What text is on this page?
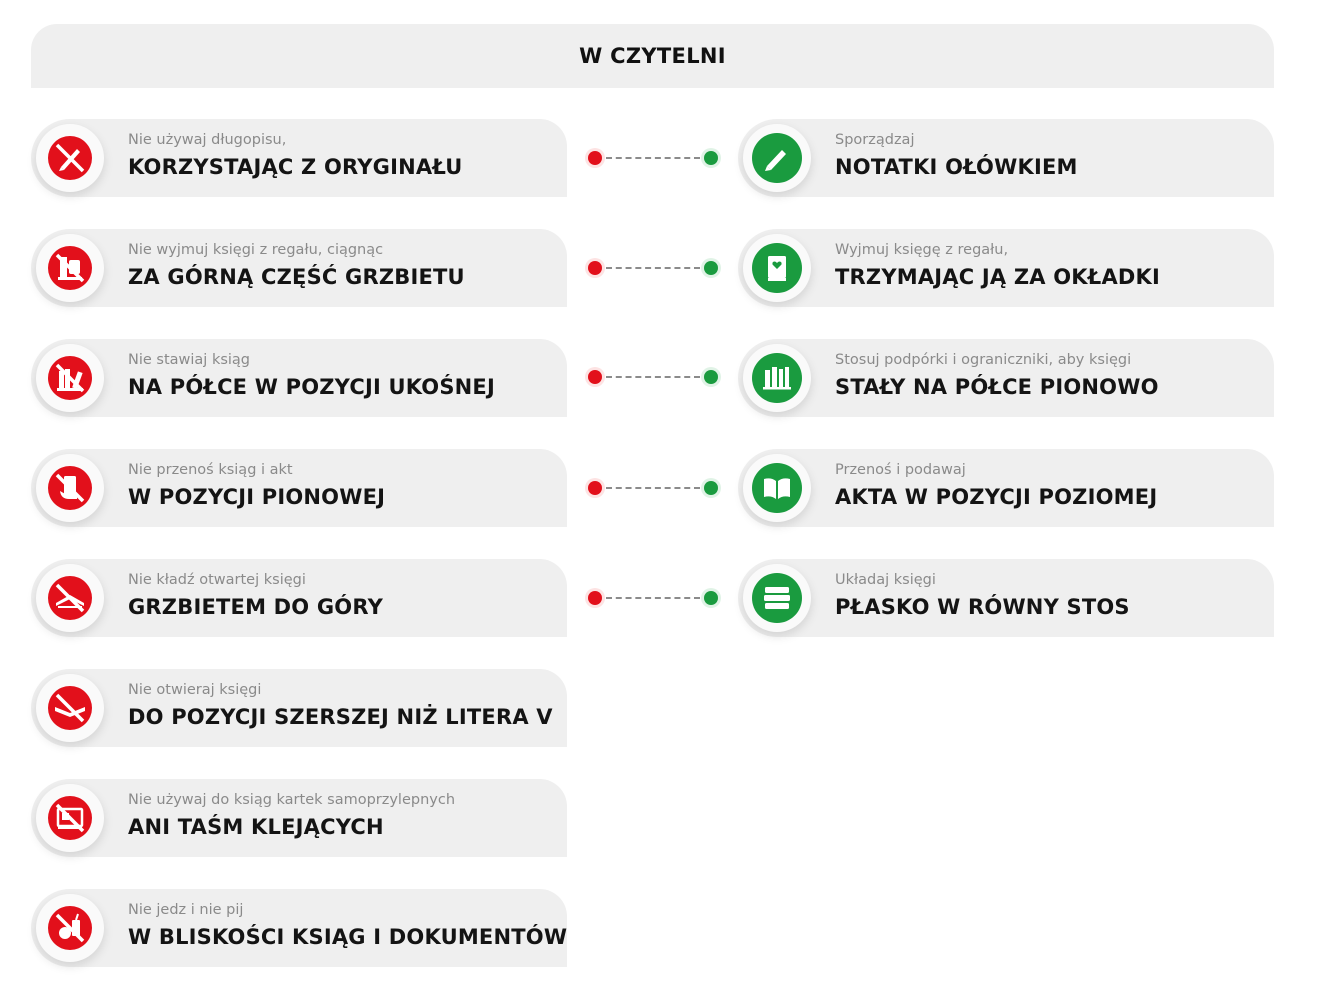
W CZYTELNI
Nie używaj długopisu,
KORZYSTAJĄC Z ORYGINAŁU
Nie wyjmuj księgi z regału, ciągnąc
ZA GÓRNĄ CZĘŚĆ GRZBIETU
Nie stawiaj ksiąg
NA PÓŁCE W POZYCJI UKOŚNEJ
Nie przenoś ksiąg i akt
W POZYCJI PIONOWEJ
Nie kładź otwartej księgi
GRZBIETEM DO GÓRY
Nie otwieraj księgi
DO POZYCJI SZERSZEJ NIŻ LITERA V
Nie używaj do ksiąg kartek samoprzylepnych
ANI TAŚM KLEJĄCYCH
Nie jedz i nie pij
W BLISKOŚCI KSIĄG I DOKUMENTÓW
Sporządzaj
NOTATKI OŁÓWKIEM
Wyjmuj księgę z regału,
TRZYMAJĄC JĄ ZA OKŁADKI
Stosuj podpórki i ograniczniki, aby księgi
STAŁY NA PÓŁCE PIONOWO
Przenoś i podawaj
AKTA W POZYCJI POZIOMEJ
Układaj księgi
PŁASKO W RÓWNY STOS
